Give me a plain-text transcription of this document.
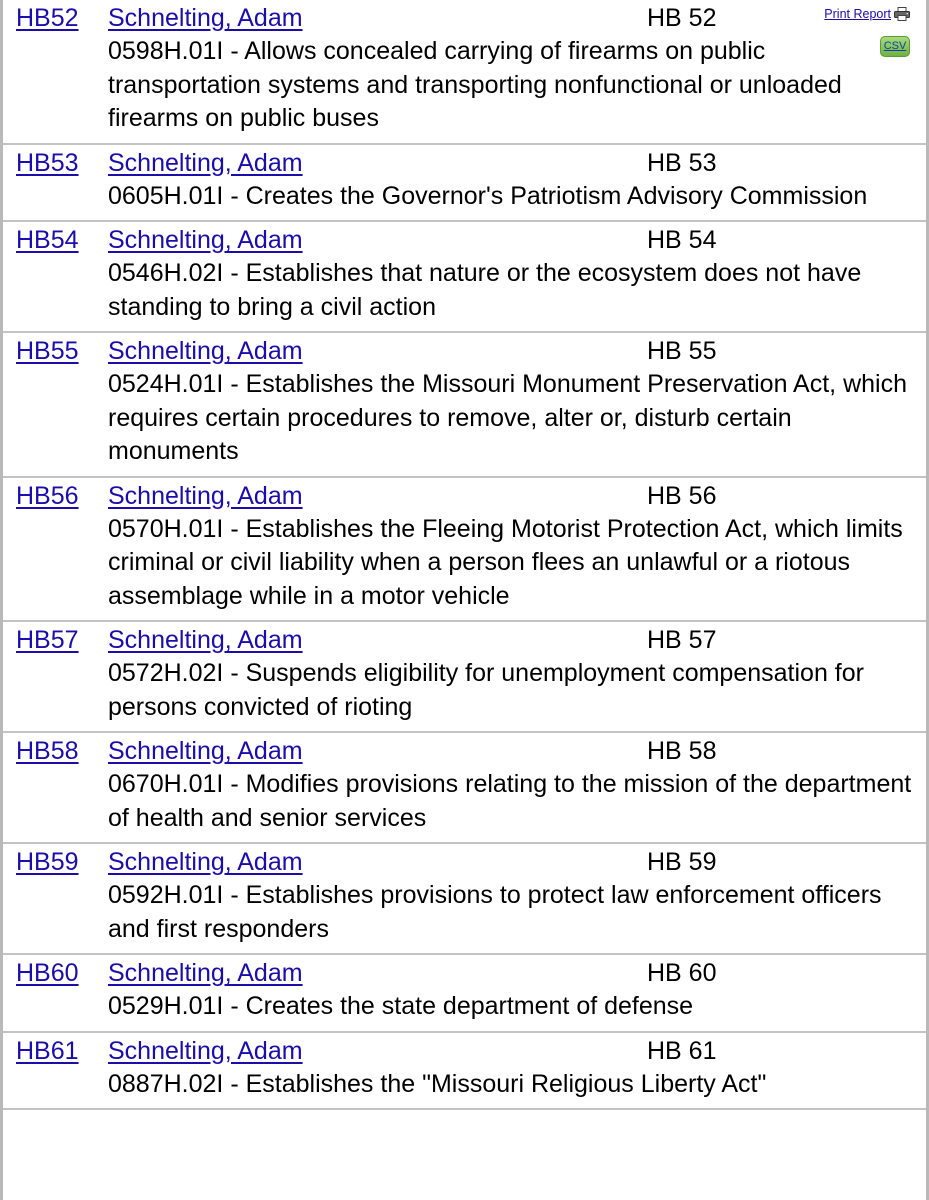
Print Report
CSV
HB52 Schnelting, Adam	HB 52
0598H.01I - Allows concealed carrying of firearms on public transportation systems and transporting nonfunctional or unloaded firearms on public buses
HB53 Schnelting, Adam	HB 53
0605H.01I - Creates the Governor's Patriotism Advisory Commission
HB54 Schnelting, Adam	HB 54
0546H.02I - Establishes that nature or the ecosystem does not have standing to bring a civil action
HB55 Schnelting, Adam	HB 55
0524H.01I - Establishes the Missouri Monument Preservation Act, which requires certain procedures to remove, alter or, disturb certain monuments
HB56 Schnelting, Adam	HB 56
0570H.01I - Establishes the Fleeing Motorist Protection Act, which limits criminal or civil liability when a person flees an unlawful or a riotous assemblage while in a motor vehicle
HB57 Schnelting, Adam	HB 57
0572H.02I - Suspends eligibility for unemployment compensation for persons convicted of rioting
HB58 Schnelting, Adam	HB 58
0670H.01I - Modifies provisions relating to the mission of the department of health and senior services
HB59 Schnelting, Adam	HB 59
0592H.01I - Establishes provisions to protect law enforcement officers and first responders
HB60 Schnelting, Adam	HB 60
0529H.01I - Creates the state department of defense
HB61 Schnelting, Adam	HB 61
0887H.02I - Establishes the "Missouri Religious Liberty Act"
